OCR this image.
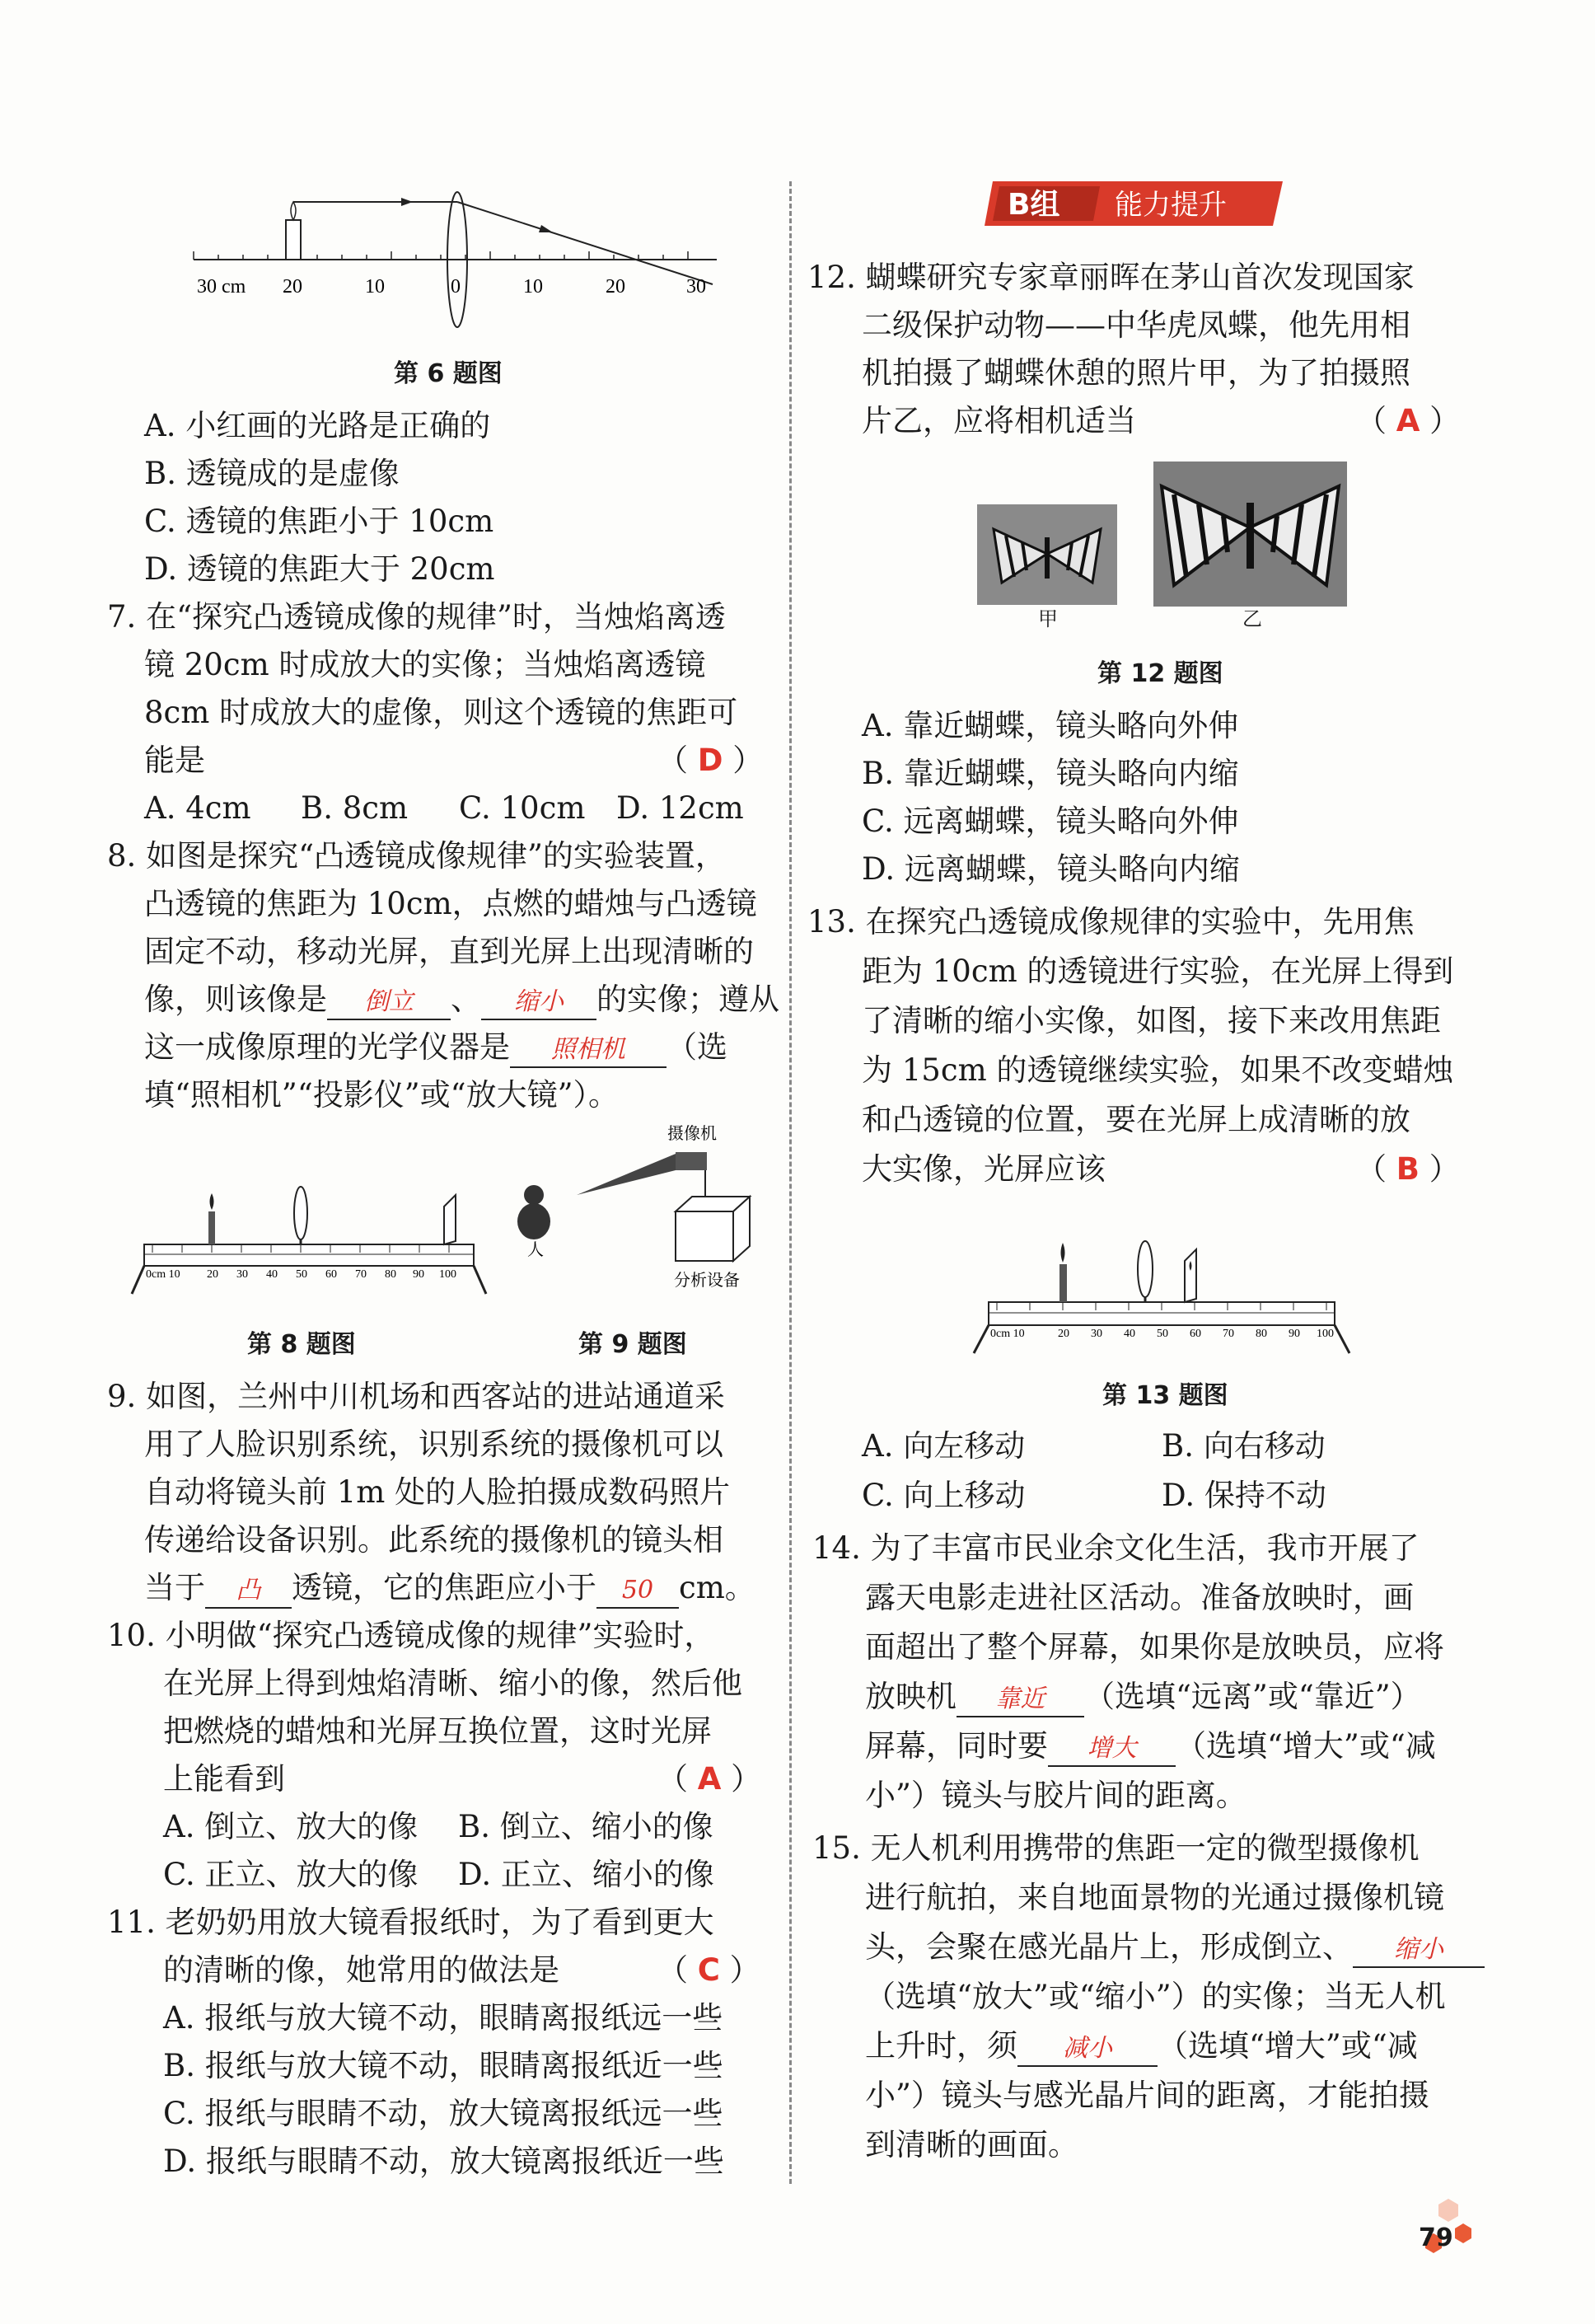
30 cm 20	10	0	10	20	30
第 6 题图
A. 小红画的光路是正确的
B. 透镜成的是虚像
C. 透镜的焦距小于 10cm
D. 透镜的焦距大于 20cm
7. 在“探究凸透镜成像的规律”时，当烛焰离透
镜 20cm 时成放大的实像；当烛焰离透镜
8cm 时成放大的虚像，则这个透镜的焦距可
能是	（ D ）
A. 4cm B. 8cm C. 10cm D. 12cm
8. 如图是探究“凸透镜成像规律”的实验装置，
凸透镜的焦距为 10cm，点燃的蜡烛与凸透镜
固定不动，移动光屏，直到光屏上出现清晰的
像，则该像是 倒立 、 缩小 的实像；遵从
这一成像原理的光学仪器是 照相机 （选
填“照相机”“投影仪”或“放大镜”）。
0cm 10 20 30 40 50 60 70 80 90 100
第 8 题图
摄像机
人
分析设备
第 9 题图
9. 如图，兰州中川机场和西客站的进站通道采
用了人脸识别系统，识别系统的摄像机可以
自动将镜头前 1m 处的人脸拍摄成数码照片
传递给设备识别。此系统的摄像机的镜头相
当于 凸 透镜，它的焦距应小于 50 cm。
10. 小明做“探究凸透镜成像的规律”实验时，
在光屏上得到烛焰清晰、缩小的像，然后他
把燃烧的蜡烛和光屏互换位置，这时光屏
上能看到	（ A ）
A. 倒立、放大的像 B. 倒立、缩小的像
C. 正立、放大的像 D. 正立、缩小的像
11. 老奶奶用放大镜看报纸时，为了看到更大
的清晰的像，她常用的做法是	（ C ）
A. 报纸与放大镜不动，眼睛离报纸远一些
B. 报纸与放大镜不动，眼睛离报纸近一些
C. 报纸与眼睛不动，放大镜离报纸远一些
D. 报纸与眼睛不动，放大镜离报纸近一些
B组 能力提升
12. 蝴蝶研究专家章丽晖在茅山首次发现国家
二级保护动物——中华虎凤蝶，他先用相
机拍摄了蝴蝶休憩的照片甲，为了拍摄照
片乙，应将相机适当	（ A ）
甲	乙
第 12 题图
A. 靠近蝴蝶，镜头略向外伸
B. 靠近蝴蝶，镜头略向内缩
C. 远离蝴蝶，镜头略向外伸
D. 远离蝴蝶，镜头略向内缩
13. 在探究凸透镜成像规律的实验中，先用焦
距为 10cm 的透镜进行实验，在光屏上得到
了清晰的缩小实像，如图，接下来改用焦距
为 15cm 的透镜继续实验，如果不改变蜡烛
和凸透镜的位置，要在光屏上成清晰的放
大实像，光屏应该	（ B ）
0cm 10	20 30 40 50 60 70 80 90 100
第 13 题图
A. 向左移动	B. 向右移动
C. 向上移动	D. 保持不动
14. 为了丰富市民业余文化生活，我市开展了
露天电影走进社区活动。准备放映时，画
面超出了整个屏幕，如果你是放映员，应将
放映机 靠近 （选填“远离”或“靠近”）
屏幕，同时要 增大 （选填“增大”或“减
小”）镜头与胶片间的距离。
15. 无人机利用携带的焦距一定的微型摄像机
进行航拍，来自地面景物的光通过摄像机镜
头，会聚在感光晶片上，形成倒立、 缩小
（选填“放大”或“缩小”）的实像；当无人机
上升时，须 减小 （选填“增大”或“减
小”）镜头与感光晶片间的距离，才能拍摄
到清晰的画面。
79
